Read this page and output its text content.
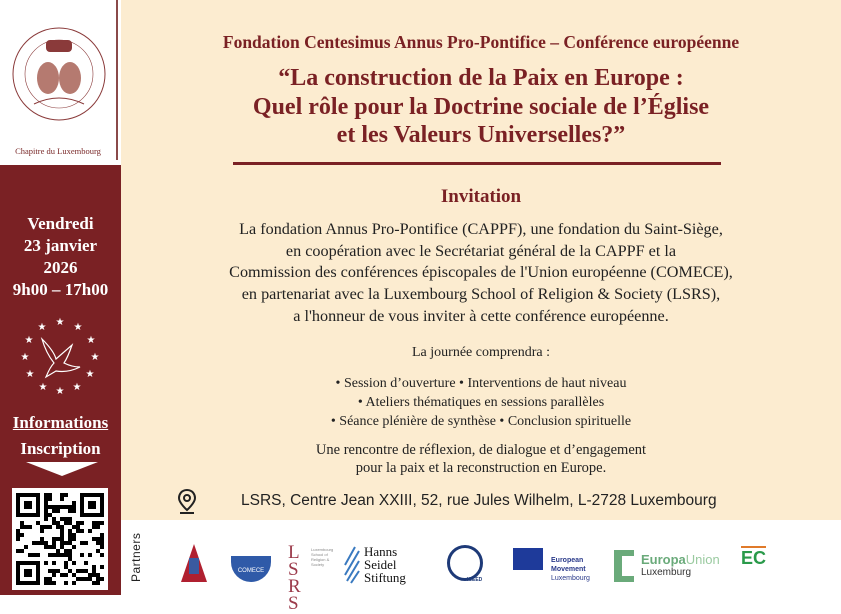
Chapitre du Luxembourg
Vendredi
23 janvier
2026
9h00 – 17h00
★ ★
★
★
★
★
★
★
★
★
★
★
Informations
Inscription
Fondation Centesimus Annus Pro-Pontifice – Conférence européenne
“La construction de la Paix en Europe :
Quel rôle pour la Doctrine sociale de l’Église
et les Valeurs Universelles?”
Invitation
La fondation Annus Pro-Pontifice (CAPPF), une fondation du Saint-Siège,
en coopération avec le Secrétariat général de la CAPPF et la
Commission des conférences épiscopales de l'Union européenne (COMECE),
en partenariat avec la Luxembourg School of Religion & Society (LSRS),
a l'honneur de vous inviter à cette conférence européenne.
La journée comprendra :
• Session d’ouverture • Interventions de haut niveau
• Ateliers thématiques en sessions parallèles
• Séance plénière de synthèse • Conclusion spirituelle
Une rencontre de réflexion, de dialogue et d’engagement
pour la paix et la reconstruction en Europe.
LSRS, Centre Jean XXIII, 52, rue Jules Wilhelm, L-2728 Luxembourg
Partners	COMECE
LSRS
Luxembourg School of Religion & Society
Hanns
Seidel
Stiftung	ICEED
European
Movement
Luxembourg
EuropaUnion
Luxemburg
EC
